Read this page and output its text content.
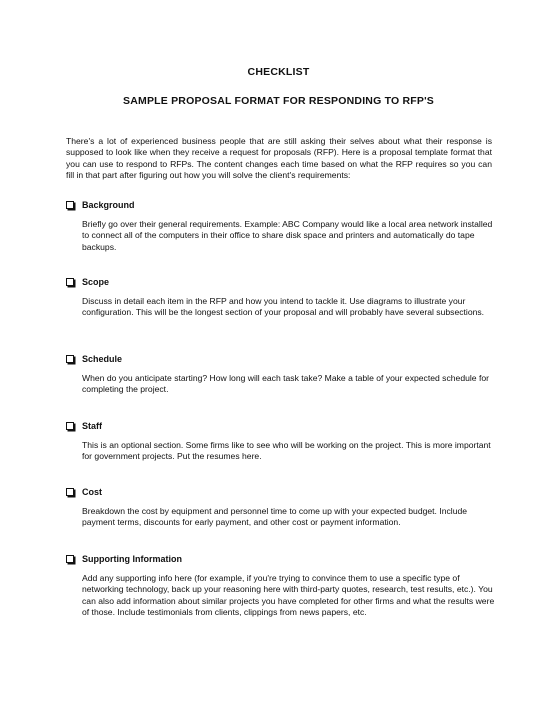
CHECKLIST
SAMPLE PROPOSAL FORMAT FOR RESPONDING TO RFP'S
There's a lot of experienced business people that are still asking their selves about what their response is supposed to look like when they receive a request for proposals (RFP). Here is a proposal template format that you can use to respond to RFPs. The content changes each time based on what the RFP requires so you can fill in that part after figuring out how you will solve the client's requirements:
Background
Briefly go over their general requirements. Example: ABC Company would like a local area network installed to connect all of the computers in their office to share disk space and printers and automatically do tape backups.
Scope
Discuss in detail each item in the RFP and how you intend to tackle it. Use diagrams to illustrate your configuration. This will be the longest section of your proposal and will probably have several subsections.
Schedule
When do you anticipate starting? How long will each task take? Make a table of your expected schedule for completing the project.
Staff
This is an optional section. Some firms like to see who will be working on the project. This is more important for government projects. Put the resumes here.
Cost
Breakdown the cost by equipment and personnel time to come up with your expected budget. Include payment terms, discounts for early payment, and other cost or payment information.
Supporting Information
Add any supporting info here (for example, if you're trying to convince them to use a specific type of networking technology, back up your reasoning here with third-party quotes, research, test results, etc.). You can also add information about similar projects you have completed for other firms and what the results were of those. Include testimonials from clients, clippings from news papers, etc.
